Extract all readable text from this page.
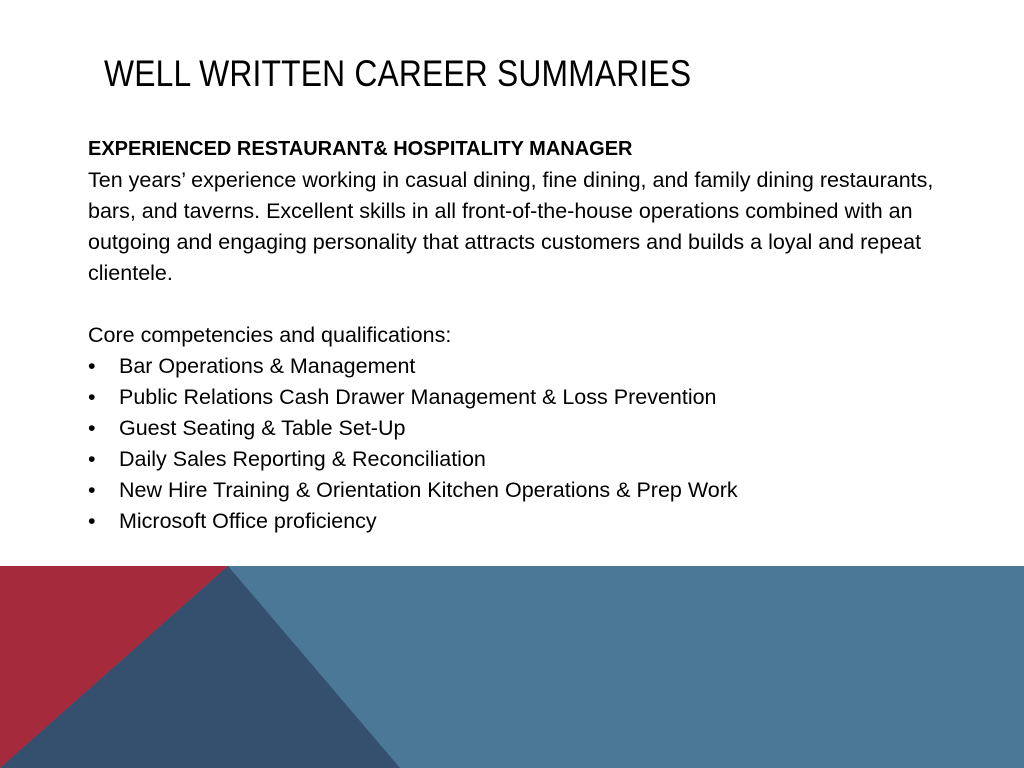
WELL WRITTEN CAREER SUMMARIES
EXPERIENCED RESTAURANT& HOSPITALITY MANAGER

Ten years’ experience working in casual dining, fine dining, and family dining restaurants, bars, and taverns. Excellent skills in all front-of-the-house operations combined with an outgoing and engaging personality that attracts customers and builds a loyal and repeat clientele.

Core competencies and qualifications:

• Bar Operations & Management
• Public Relations Cash Drawer Management & Loss Prevention
• Guest Seating & Table Set-Up
• Daily Sales Reporting & Reconciliation
• New Hire Training & Orientation Kitchen Operations & Prep Work
• Microsoft Office proficiency
